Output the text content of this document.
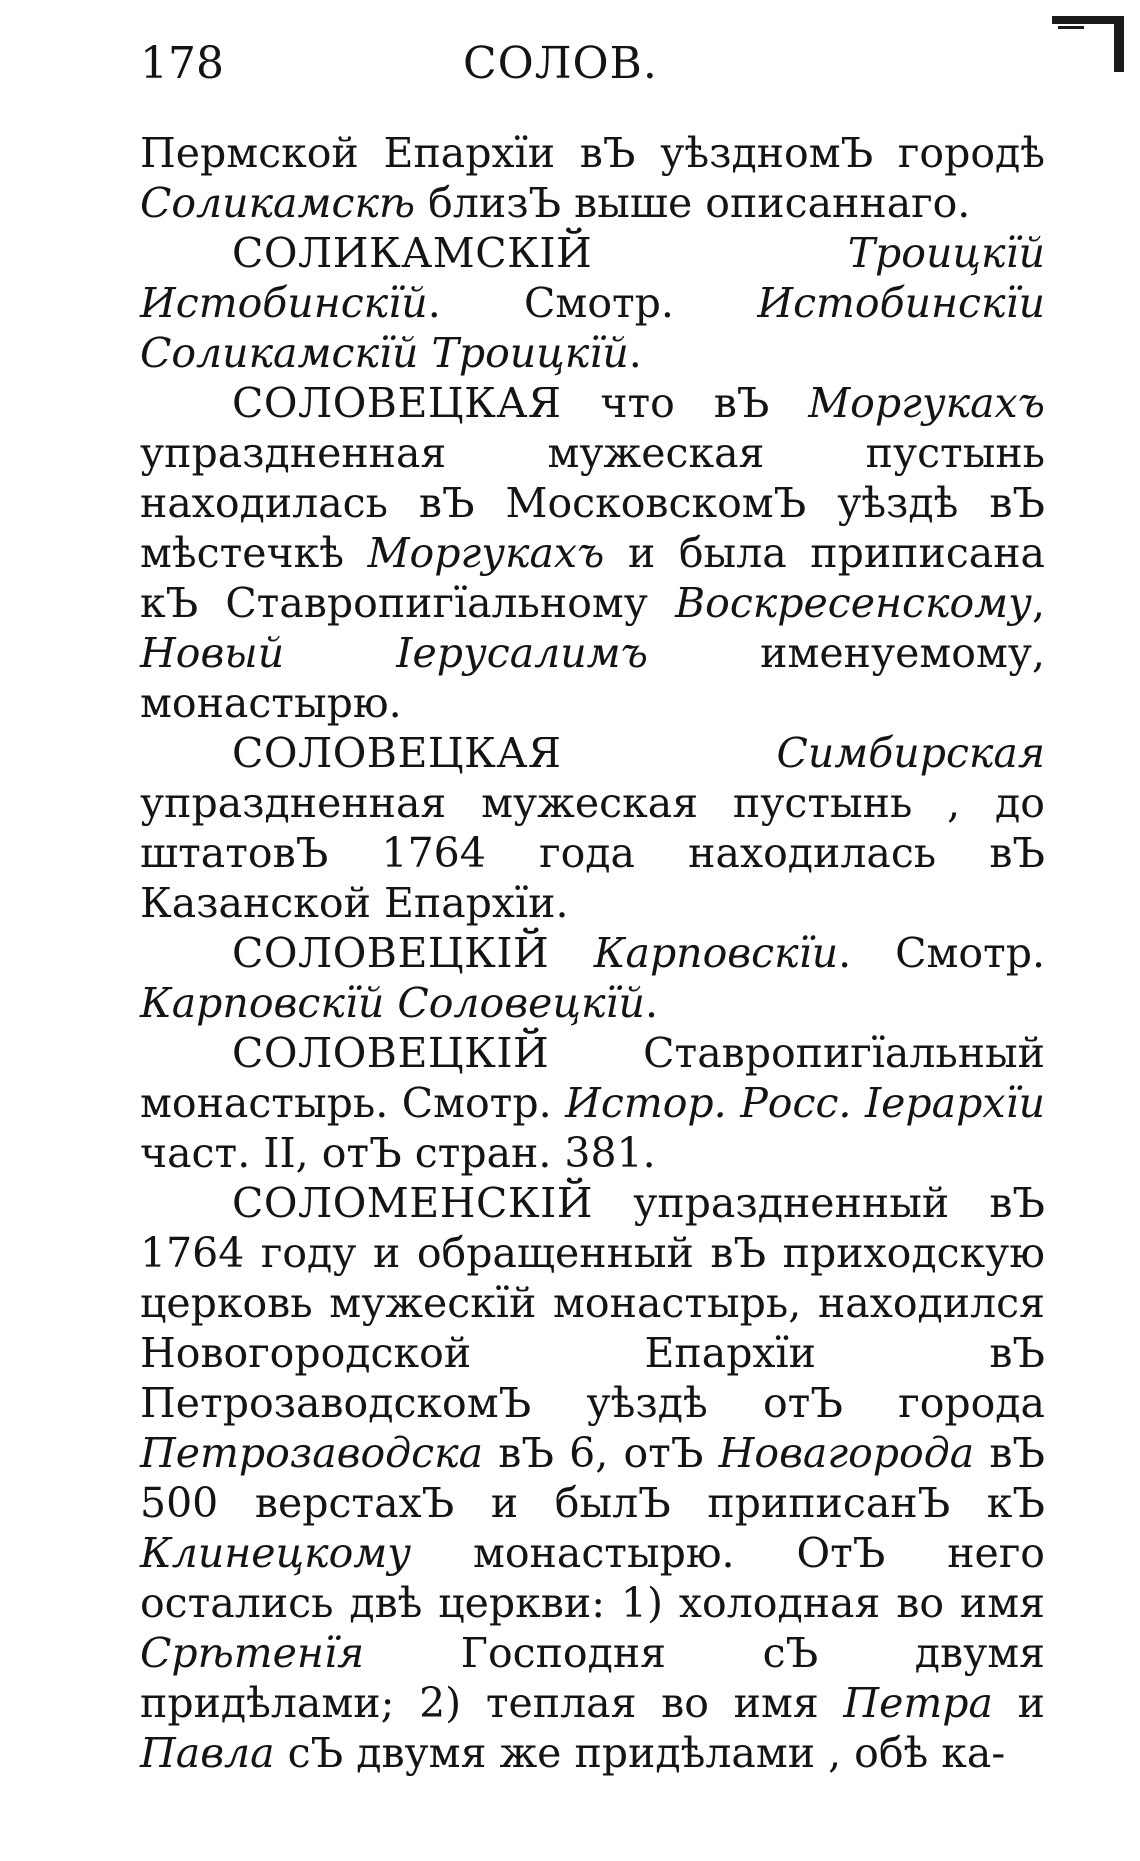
178	СОЛОВ.

Пермской Епархїи вЪ уѣздномЪ городѣ Соликамскѣ близЪ выше описаннаго.

СОЛИКАМСКIЙ Троицкїй Истобинскїй. Смотр. Истобинскїи Соликамскїй Троицкїй.

СОЛОВЕЦКАЯ что вЪ Моргукахъ упраздненная мужеская пустынь находилась вЪ МосковскомЪ уѣздѣ вЪ мѣстечкѣ Моргукахъ и была приписана кЪ Ставропигїальному Воскресенскому, Новый Іерусалимъ именуемому, монастырю.

СОЛОВЕЦКАЯ Симбирская упраздненная мужеская пустынь , до штатовЪ 1764 года находилась вЪ Казанской Епархїи.

СОЛОВЕЦКIЙ Карповскїи. Смотр. Карповскїй Соловецкїй.

СОЛОВЕЦКIЙ Ставропигїальный монастырь. Смотр. Истор. Росс. Іерархїи част. II, отЪ стран. 381.

СОЛОМЕНСКIЙ упраздненный вЪ 1764 году и обращенный вЪ приходскую церковь мужескїй монастырь, находился Новогородской Епархїи вЪ ПетрозаводскомЪ уѣздѣ отЪ города Петрозаводска вЪ 6, отЪ Новагорода вЪ 500 верстахЪ и былЪ приписанЪ кЪ Клинецкому монастырю. ОтЪ него остались двѣ церкви: 1) холодная во имя Срѣтенїя Господня сЪ двумя придѣлами; 2) теплая во имя Петра и Павла сЪ двумя же придѣлами , обѣ ка-
